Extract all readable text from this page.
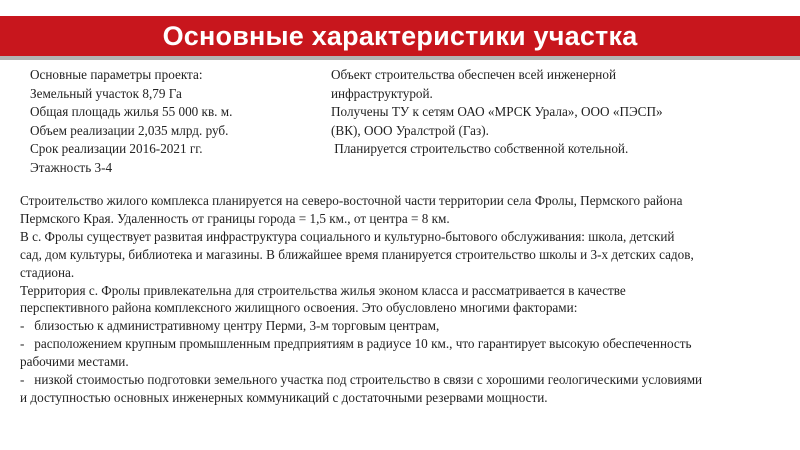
Основные характеристики участка
Основные параметры проекта:
Земельный участок 8,79 Га
Общая площадь жилья 55 000 кв. м.
Объем реализации 2,035 млрд. руб.
Срок реализации 2016-2021 гг.
Этажность 3-4
Объект строительства обеспечен всей инженерной
инфраструктурой.
Получены ТУ к сетям ОАО «МРСК Урала», ООО «ПЭСП»
(ВК), ООО Уралстрой (Газ).
Планируется строительство собственной котельной.
Строительство жилого комплекса планируется на северо-восточной части территории села Фролы, Пермского района
Пермского Края. Удаленность от границы города = 1,5 км., от центра = 8 км.
В с. Фролы существует развитая инфраструктура социального и культурно-бытового обслуживания: школа, детский
сад, дом культуры, библиотека и магазины. В ближайшее время планируется строительство школы и 3-х детских садов,
стадиона.
Территория с. Фролы привлекательна для строительства жилья эконом класса и рассматривается в качестве
перспективного района комплексного жилищного освоения. Это обусловлено многими факторами:
-   близостью к административному центру Перми, 3-м торговым центрам,
-   расположением крупным промышленным предприятиям в радиусе 10 км., что гарантирует высокую обеспеченность
рабочими местами.
-   низкой стоимостью подготовки земельного участка под строительство в связи с хорошими геологическими условиями
и доступностью основных инженерных коммуникаций с достаточными резервами мощности.
